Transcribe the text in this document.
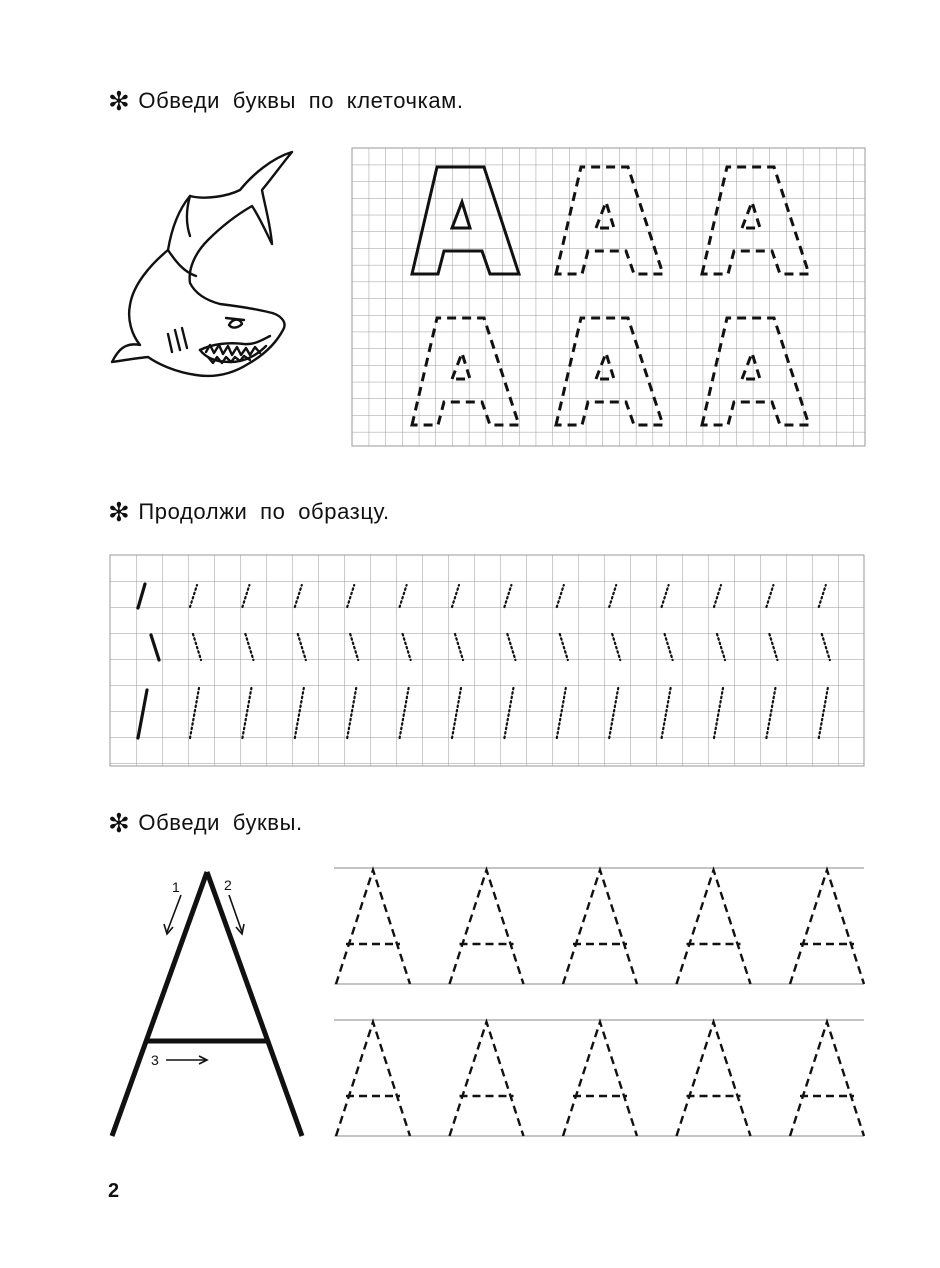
✻ Обведи буквы по клеточкам.
✻ Продолжи по образцу.
✻ Обведи буквы.
1	2
3
2
